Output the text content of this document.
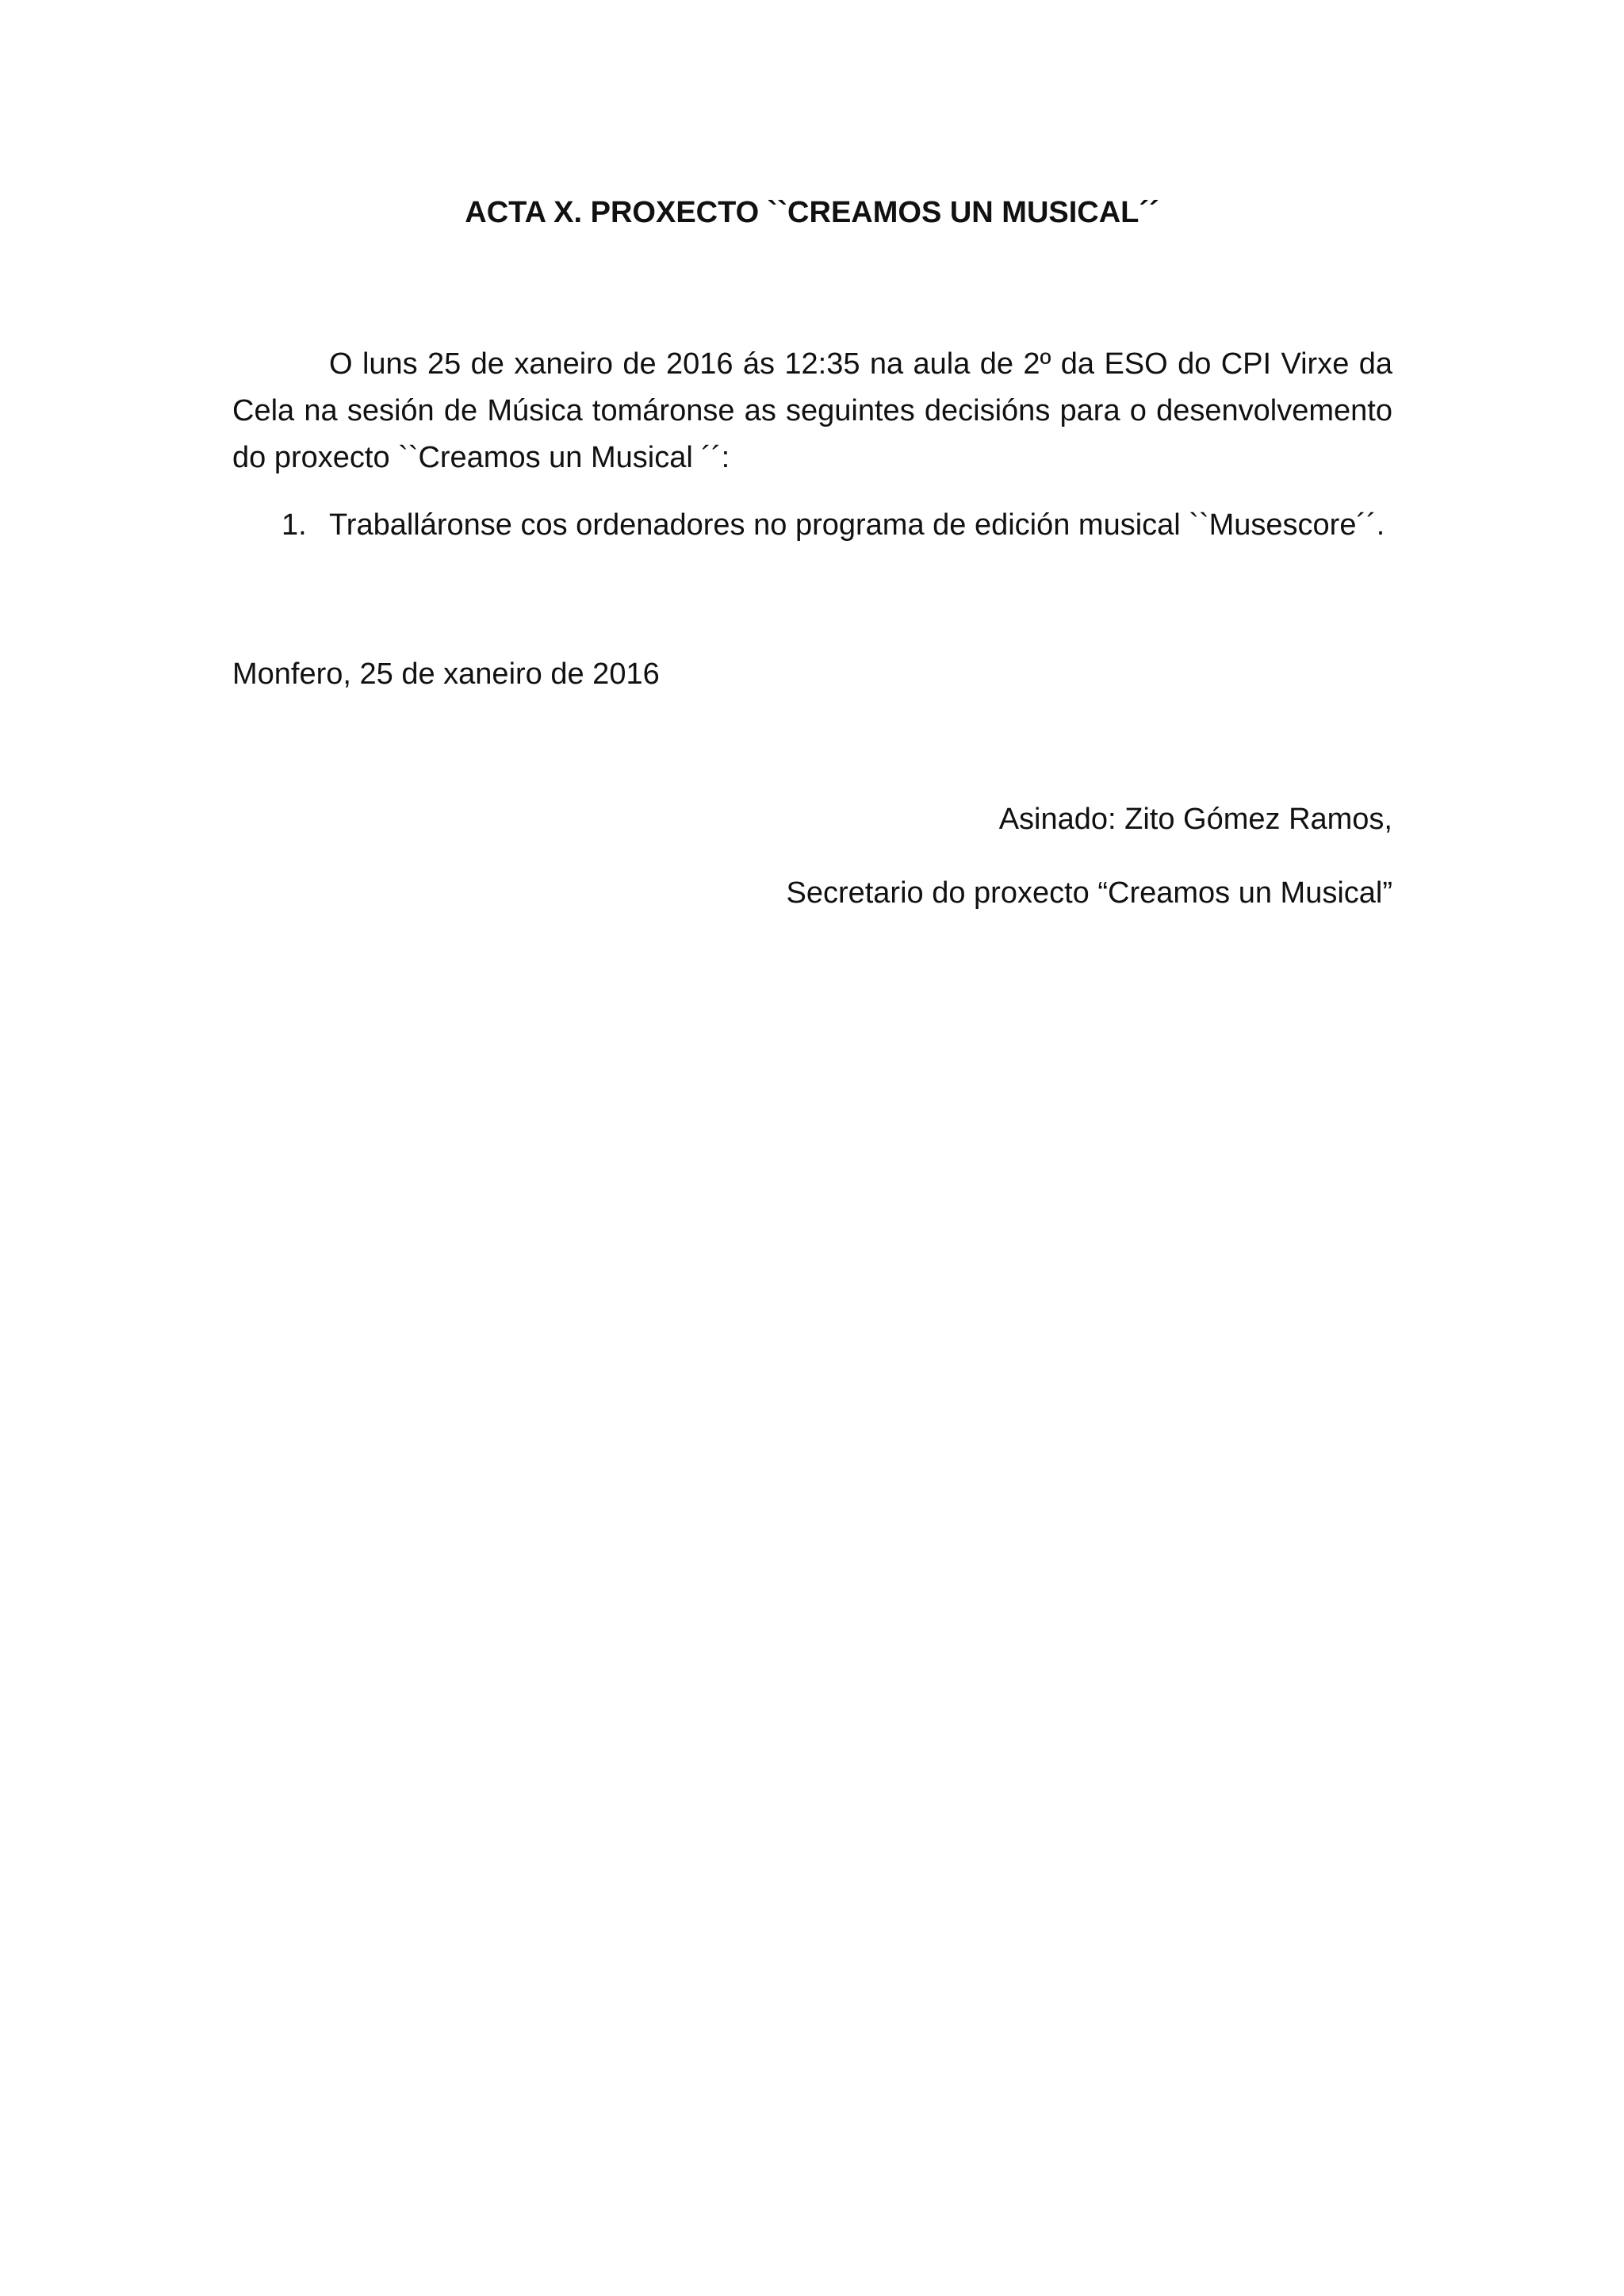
ACTA X. PROXECTO ``CREAMOS UN MUSICAL´´
O luns 25 de xaneiro de 2016 ás 12:35 na aula de 2º da ESO do CPI Virxe da Cela na sesión de Música tomáronse as seguintes decisións para o desenvolvemento do proxecto ``Creamos un Musical ´´:
1. Traballáronse cos ordenadores no programa de edición musical ``Musescore´´.
Monfero, 25 de xaneiro de 2016
Asinado: Zito Gómez Ramos,
Secretario do proxecto “Creamos un Musical”
